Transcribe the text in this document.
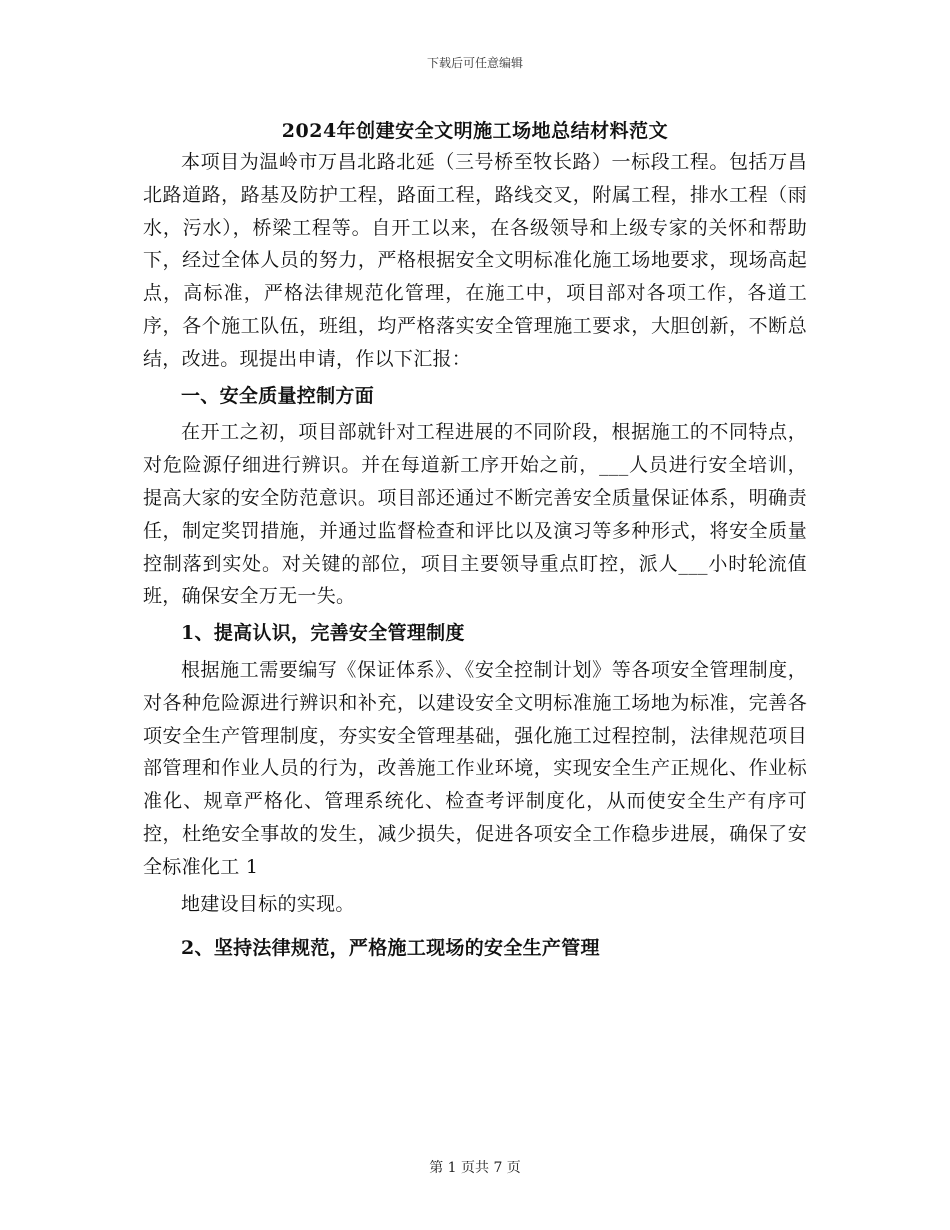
下载后可任意编辑
2024年创建安全文明施工场地总结材料范文

本项目为温岭市万昌北路北延（三号桥至牧长路）一标段工程。包括万昌北路道路，路基及防护工程，路面工程，路线交叉，附属工程，排水工程（雨水，污水），桥梁工程等。自开工以来，在各级领导和上级专家的关怀和帮助下，经过全体人员的努力，严格根据安全文明标准化施工场地要求，现场高起点，高标准，严格法律规范化管理，在施工中，项目部对各项工作，各道工序，各个施工队伍，班组，均严格落实安全管理施工要求，大胆创新，不断总结，改进。现提出申请，作以下汇报：

一、安全质量控制方面

在开工之初，项目部就针对工程进展的不同阶段，根据施工的不同特点，对危险源仔细进行辨识。并在每道新工序开始之前，___人员进行安全培训，提高大家的安全防范意识。项目部还通过不断完善安全质量保证体系，明确责任，制定奖罚措施，并通过监督检查和评比以及演习等多种形式，将安全质量控制落到实处。对关键的部位，项目主要领导重点盯控，派人___小时轮流值班，确保安全万无一失。

1、提高认识，完善安全管理制度

根据施工需要编写《保证体系》、《安全控制计划》等各项安全管理制度，对各种危险源进行辨识和补充，以建设安全文明标准施工场地为标准，完善各项安全生产管理制度，夯实安全管理基础，强化施工过程控制，法律规范项目部管理和作业人员的行为，改善施工作业环境，实现安全生产正规化、作业标准化、规章严格化、管理系统化、检查考评制度化，从而使安全生产有序可控，杜绝安全事故的发生，减少损失，促进各项安全工作稳步进展，确保了安全标准化工 1

地建设目标的实现。

2、坚持法律规范，严格施工现场的安全生产管理

第 1 页共 7 页
